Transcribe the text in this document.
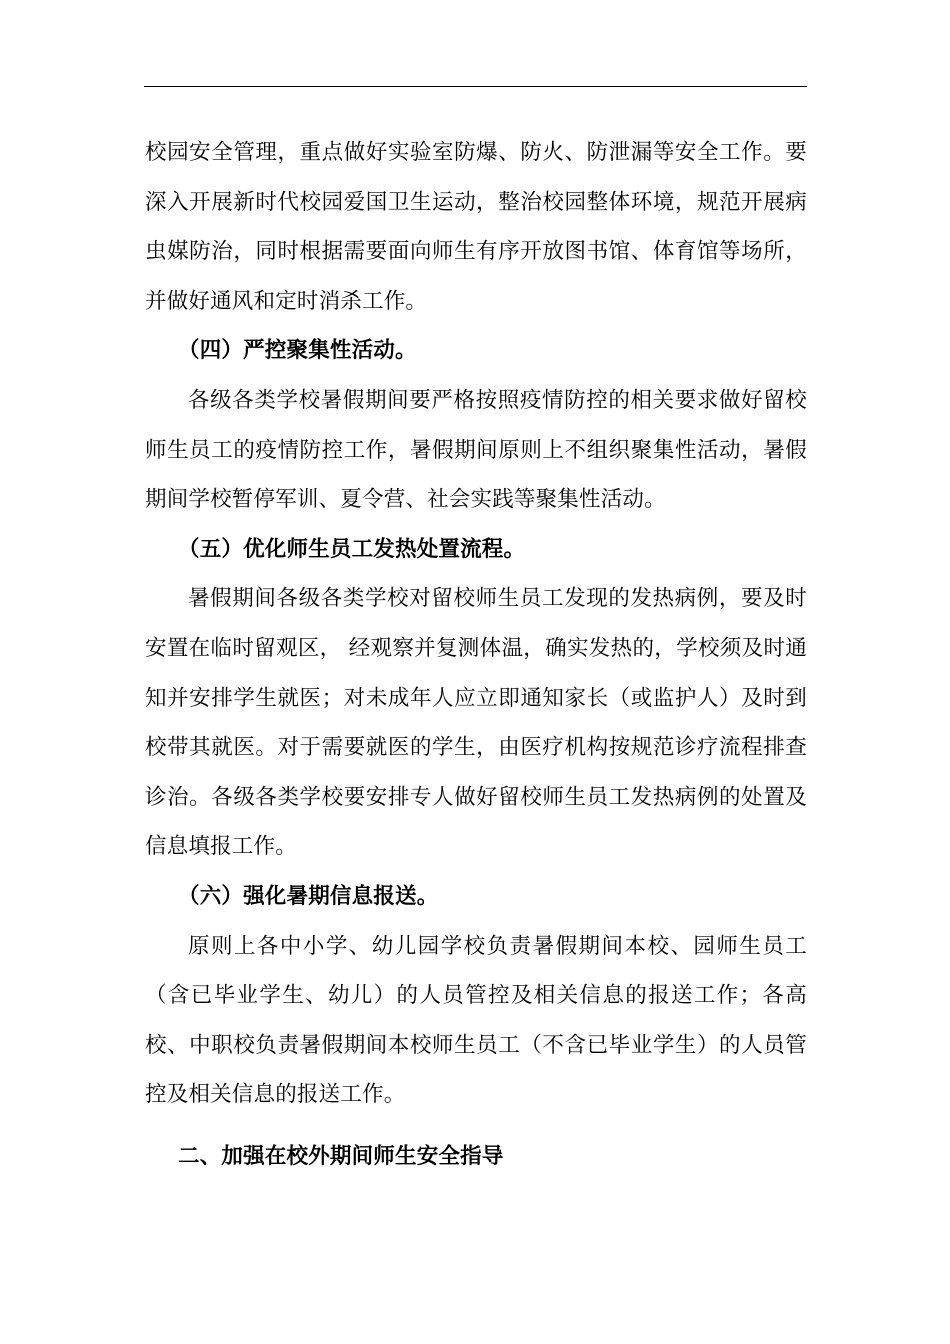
校园安全管理，重点做好实验室防爆、防火、防泄漏等安全工作。要深入开展新时代校园爱国卫生运动，整治校园整体环境，规范开展病虫媒防治，同时根据需要面向师生有序开放图书馆、体育馆等场所，并做好通风和定时消杀工作。

（四）严控聚集性活动。

各级各类学校暑假期间要严格按照疫情防控的相关要求做好留校师生员工的疫情防控工作，暑假期间原则上不组织聚集性活动，暑假期间学校暂停军训、夏令营、社会实践等聚集性活动。

（五）优化师生员工发热处置流程。

暑假期间各级各类学校对留校师生员工发现的发热病例，要及时安置在临时留观区， 经观察并复测体温，确实发热的，学校须及时通知并安排学生就医；对未成年人应立即通知家长（或监护人）及时到校带其就医。对于需要就医的学生，由医疗机构按规范诊疗流程排查诊治。各级各类学校要安排专人做好留校师生员工发热病例的处置及信息填报工作。

（六）强化暑期信息报送。

原则上各中小学、幼儿园学校负责暑假期间本校、园师生员工（含已毕业学生、幼儿）的人员管控及相关信息的报送工作；各高校、中职校负责暑假期间本校师生员工（不含已毕业学生）的人员管控及相关信息的报送工作。

二、加强在校外期间师生安全指导
